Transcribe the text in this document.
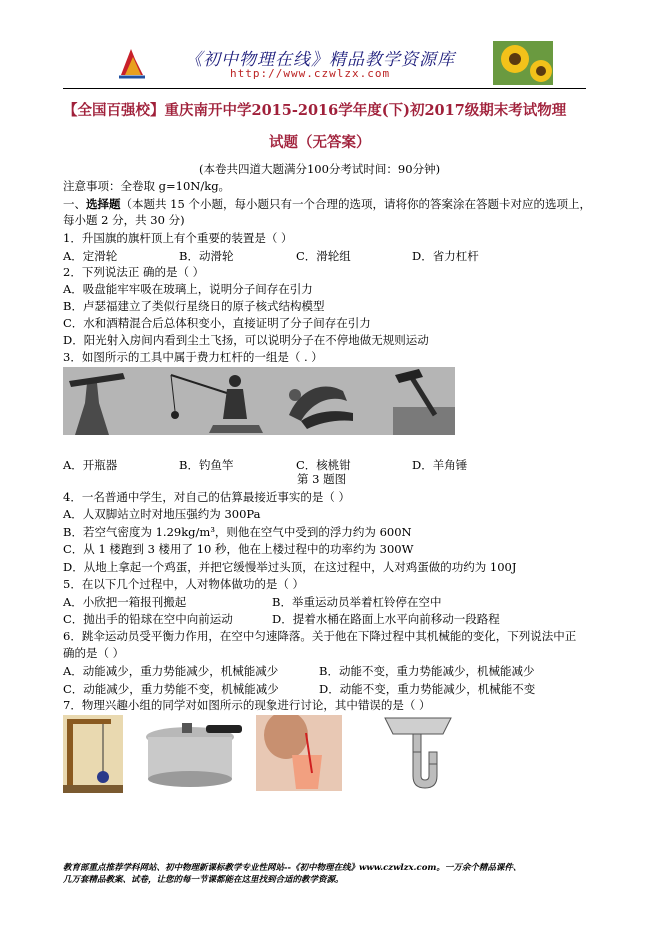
《初中物理在线》精品教学资源库
http://www.czwlzx.com
【全国百强校】重庆南开中学2015-2016学年度(下)初2017级期末考试物理
试题（无答案）
(本卷共四道大题满分100分考试时间：90分钟)
注意事项：全卷取 g=10N/kg。
一、选择题（本题共 15 个小题，每小题只有一个合理的选项，请将你的答案涂在答题卡对应的选项上，
每小题 2 分，共 30 分)
1．升国旗的旗杆顶上有个重要的装置是（ ）
A．定滑轮	B．动滑轮	C．滑轮组	D．省力杠杆
2．下列说法正 确的是（ ）
A．吸盘能牢牢吸在玻璃上，说明分子间存在引力
B．卢瑟福建立了类似行星绕日的原子核式结构模型
C．水和酒精混合后总体积变小，直接证明了分子间存在引力
D．阳光射入房间内看到尘土飞扬，可以说明分子在不停地做无规则运动
3．如图所示的工具中属于费力杠杆的一组是（ . ）
A．开瓶器	B．钓鱼竿	C．核桃钳	D．羊角锤
第 3 题图
4．一名普通中学生，对自己的估算最接近事实的是（ ）
A．人双脚站立时对地压强约为 300Pa
B．若空气密度为 1.29kg/m³，则他在空气中受到的浮力约为 600N
C．从 1 楼跑到 3 楼用了 10 秒，他在上楼过程中的功率约为 300W
D．从地上拿起一个鸡蛋，并把它缓慢举过头顶，在这过程中，人对鸡蛋做的功约为 100J
5．在以下几个过程中，人对物体做功的是（ ）
A．小欣把一箱报刊搬起	B．举重运动员举着杠铃停在空中
C．抛出手的铅球在空中向前运动	D．提着水桶在路面上水平向前移动一段路程
6．跳伞运动员受平衡力作用，在空中匀速降落。关于他在下降过程中其机械能的变化，下列说法中正
确的是（ ）
A．动能减少，重力势能减少，机械能减少	B．动能不变，重力势能减少，机械能减少
C．动能减少，重力势能不变，机械能减少	D．动能不变，重力势能减少，机械能不变
7．物理兴趣小组的同学对如图所示的现象进行讨论，其中错误的是（ ）
教育部重点推荐学科网站、初中物理新课标教学专业性网站--《初中物理在线》www.czwlzx.com。一万余个精品课件、
几万套精品教案、试卷，让您的每一节课都能在这里找到合适的教学资源。
